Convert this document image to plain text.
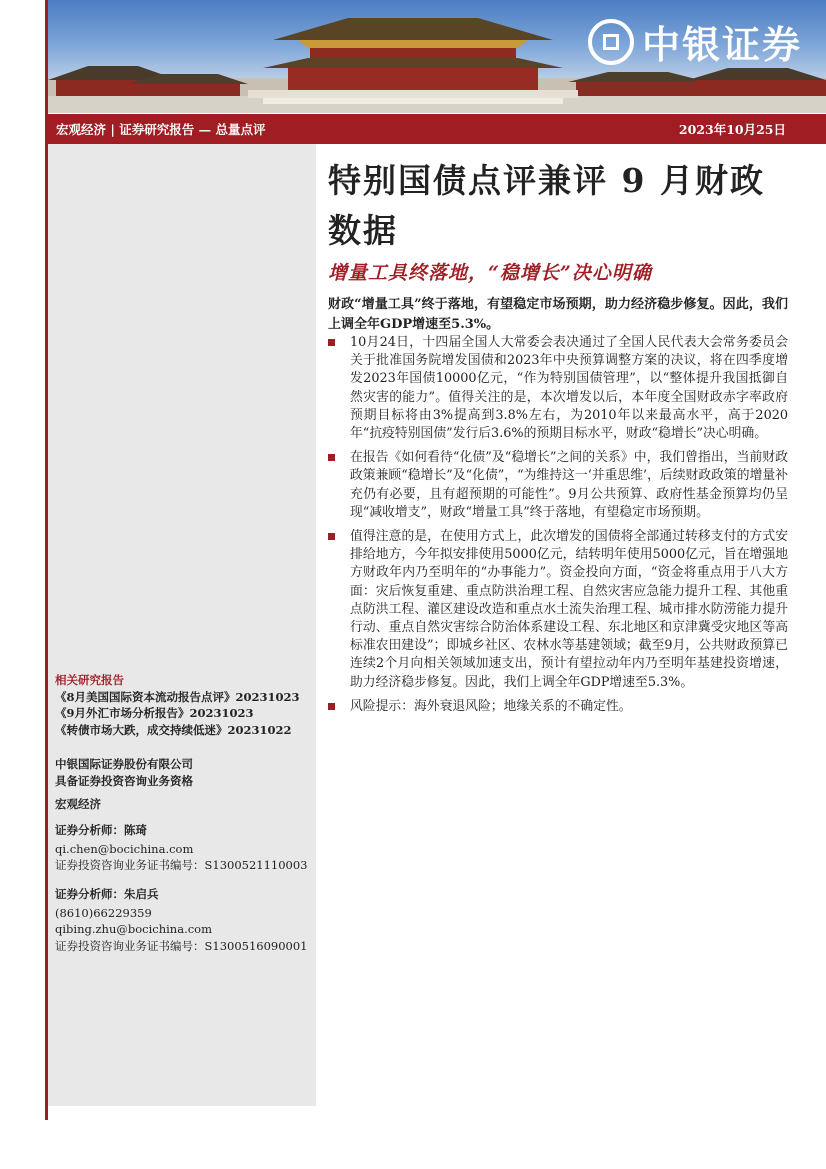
中银证券
宏观经济 | 证券研究报告 — 总量点评	2023年10月25日
特别国债点评兼评 9 月财政数据
增量工具终落地，“稳增长”决心明确
财政“增量工具”终于落地，有望稳定市场预期，助力经济稳步修复。因此，我们上调全年GDP增速至5.3%。
10月24日，十四届全国人大常委会表决通过了全国人民代表大会常务委员会关于批准国务院增发国债和2023年中央预算调整方案的决议，将在四季度增发2023年国债10000亿元，“作为特别国债管理”，以“整体提升我国抵御自然灾害的能力”。值得关注的是，本次增发以后，本年度全国财政赤字率政府预期目标将由3%提高到3.8%左右，为2010年以来最高水平，高于2020年“抗疫特别国债”发行后3.6%的预期目标水平，财政“稳增长”决心明确。
在报告《如何看待“化债”及“稳增长”之间的关系》中，我们曾指出，当前财政政策兼顾“稳增长”及“化债”，“为维持这一‘并重思维’，后续财政政策的增量补充仍有必要，且有超预期的可能性”。9月公共预算、政府性基金预算均仍呈现“减收增支”，财政“增量工具”终于落地，有望稳定市场预期。
值得注意的是，在使用方式上，此次增发的国债将全部通过转移支付的方式安排给地方，今年拟安排使用5000亿元，结转明年使用5000亿元，旨在增强地方财政年内乃至明年的“办事能力”。资金投向方面，“资金将重点用于八大方面：灾后恢复重建、重点防洪治理工程、自然灾害应急能力提升工程、其他重点防洪工程、灌区建设改造和重点水土流失治理工程、城市排水防涝能力提升行动、重点自然灾害综合防治体系建设工程、东北地区和京津冀受灾地区等高标准农田建设”；即城乡社区、农林水等基建领域；截至9月，公共财政预算已连续2个月向相关领域加速支出，预计有望拉动年内乃至明年基建投资增速，助力经济稳步修复。因此，我们上调全年GDP增速至5.3%。
风险提示：海外衰退风险；地缘关系的不确定性。
相关研究报告
《8月美国国际资本流动报告点评》20231023
《9月外汇市场分析报告》20231023
《转债市场大跌，成交持续低迷》20231022
中银国际证券股份有限公司
具备证券投资咨询业务资格
宏观经济
证券分析师：陈琦
qi.chen@bocichina.com
证券投资咨询业务证书编号：S1300521110003
证券分析师：朱启兵
(8610)66229359
qibing.zhu@bocichina.com
证券投资咨询业务证书编号：S1300516090001
